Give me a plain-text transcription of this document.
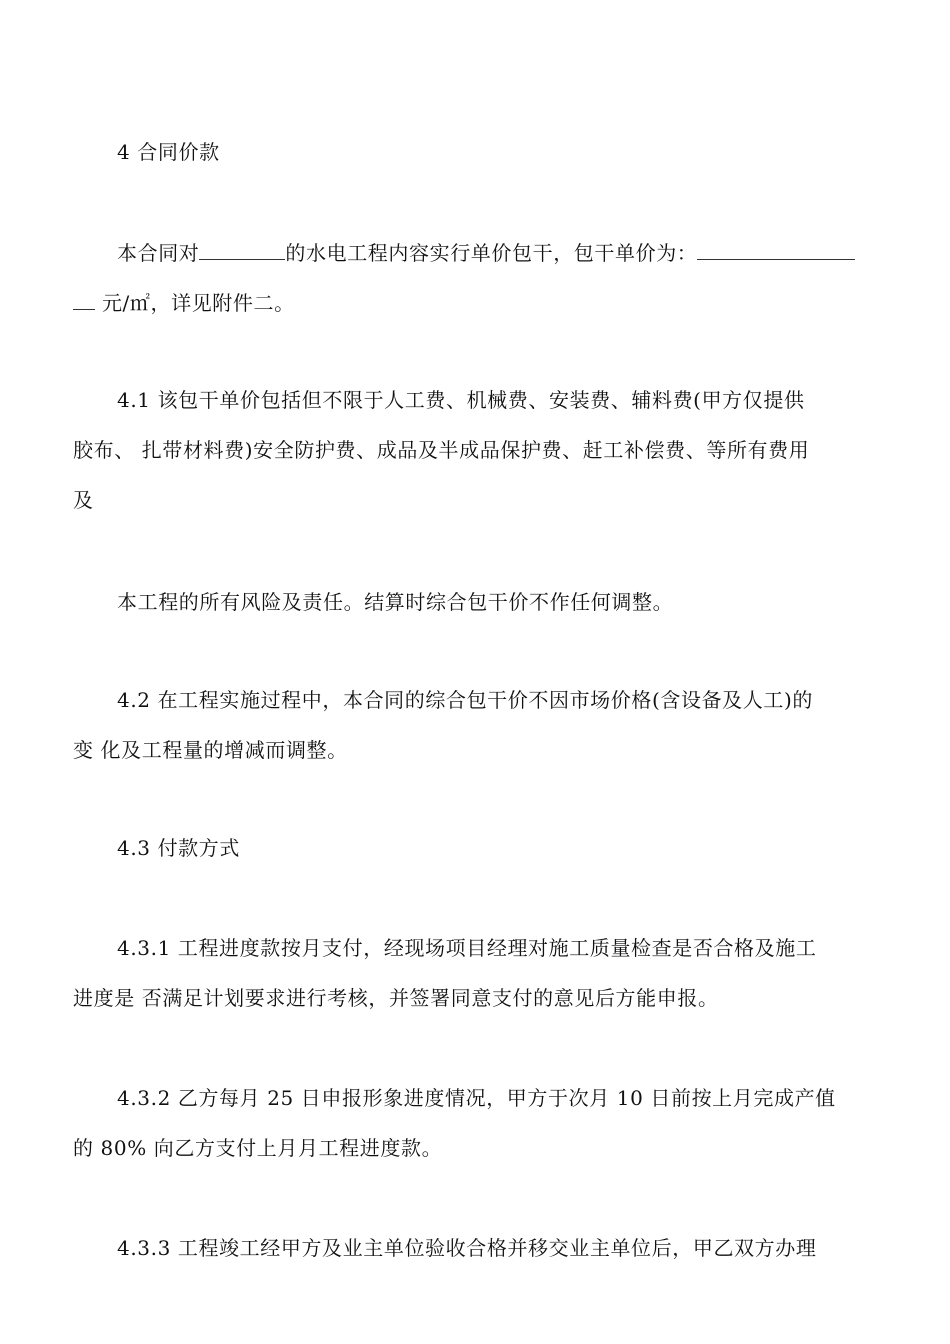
4 合同价款
本合同对	的水电工程内容实行单价包干，包干单价为：
元/㎡，详见附件二。
4.1 该包干单价包括但不限于人工费、机械费、安装费、辅料费(甲方仅提供
胶布、 扎带材料费)安全防护费、成品及半成品保护费、赶工补偿费、等所有费用
及
本工程的所有风险及责任。结算时综合包干价不作任何调整。
4.2 在工程实施过程中，本合同的综合包干价不因市场价格(含设备及人工)的
变 化及工程量的增减而调整。
4.3 付款方式
4.3.1 工程进度款按月支付，经现场项目经理对施工质量检查是否合格及施工
进度是 否满足计划要求进行考核，并签署同意支付的意见后方能申报。
4.3.2 乙方每月 25 日申报形象进度情况，甲方于次月 10 日前按上月完成产值
的 80% 向乙方支付上月月工程进度款。
4.3.3 工程竣工经甲方及业主单位验收合格并移交业主单位后，甲乙双方办理
